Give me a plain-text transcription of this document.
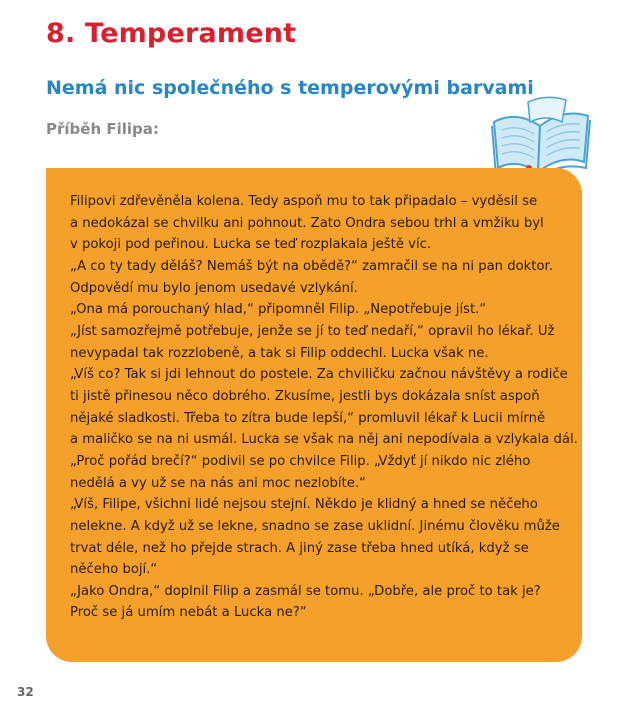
8. Temperament
Nemá nic společného s temperovými barvami
Příběh Filipa:
Filipovi zdřevěněla kolena. Tedy aspoň mu to tak připadalo – vyděsil se
a nedokázal se chvilku ani pohnout. Zato Ondra sebou trhl a vmžiku byl
v pokoji pod peřinou. Lucka se teď rozplakala ještě víc.
„A co ty tady děláš? Nemáš být na obědě?“ zamračil se na ni pan doktor.
Odpovědí mu bylo jenom usedavé vzlykání.
„Ona má porouchaný hlad,“ připomněl Filip. „Nepotřebuje jíst.“
„Jíst samozřejmě potřebuje, jenže se jí to teď nedaří,“ opravil ho lékař. Už
nevypadal tak rozzlobeně, a tak si Filip oddechl. Lucka však ne.
„Víš co? Tak si jdi lehnout do postele. Za chviličku začnou návštěvy a rodiče
ti jistě přinesou něco dobrého. Zkusíme, jestli bys dokázala sníst aspoň
nějaké sladkosti. Třeba to zítra bude lepší,“ promluvil lékař k Lucii mírně
a maličko se na ni usmál. Lucka se však na něj ani nepodívala a vzlykala dál.
„Proč pořád brečí?“ podivil se po chvilce Filip. „Vždyť jí nikdo nic zlého
nedělá a vy už se na nás ani moc nezlobíte.“
„Víš, Filipe, všichni lidé nejsou stejní. Někdo je klidný a hned se něčeho
nelekne. A když už se lekne, snadno se zase uklidní. Jinému člověku může
trvat déle, než ho přejde strach. A jiný zase třeba hned utíká, když se
něčeho bojí.“
„Jako Ondra,“ doplnil Filip a zasmál se tomu. „Dobře, ale proč to tak je?
Proč se já umím nebát a Lucka ne?“
32
